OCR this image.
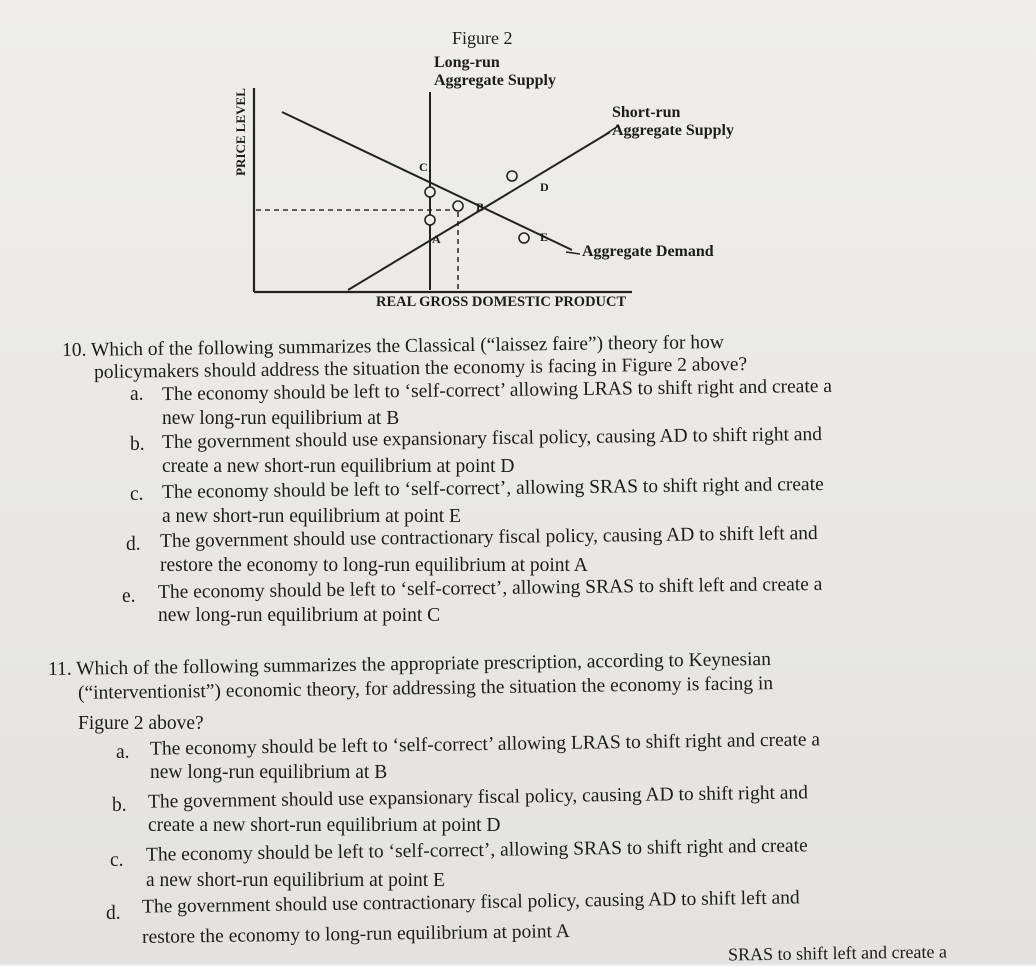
Figure 2
Long-run
Aggregate Supply
Short-run
Aggregate Supply
Aggregate Demand
PRICE LEVEL
REAL GROSS DOMESTIC PRODUCT
C
B
A
D
E
10. Which of the following summarizes the Classical (“laissez faire”) theory for how
policymakers should address the situation the economy is facing in Figure 2 above?
a. The economy should be left to ‘self-correct’ allowing LRAS to shift right and create a
new long-run equilibrium at B
b. The government should use expansionary fiscal policy, causing AD to shift right and
create a new short-run equilibrium at point D
c. The economy should be left to ‘self-correct’, allowing SRAS to shift right and create
a new short-run equilibrium at point E
d. The government should use contractionary fiscal policy, causing AD to shift left and
restore the economy to long-run equilibrium at point A
e. The economy should be left to ‘self-correct’, allowing SRAS to shift left and create a
new long-run equilibrium at point C
11. Which of the following summarizes the appropriate prescription, according to Keynesian
(“interventionist”) economic theory, for addressing the situation the economy is facing in
Figure 2 above?
a. The economy should be left to ‘self-correct’ allowing LRAS to shift right and create a
new long-run equilibrium at B
b. The government should use expansionary fiscal policy, causing AD to shift right and
create a new short-run equilibrium at point D
c. The economy should be left to ‘self-correct’, allowing SRAS to shift right and create
a new short-run equilibrium at point E
d. The government should use contractionary fiscal policy, causing AD to shift left and
restore the economy to long-run equilibrium at point A
SRAS to shift left and create a
